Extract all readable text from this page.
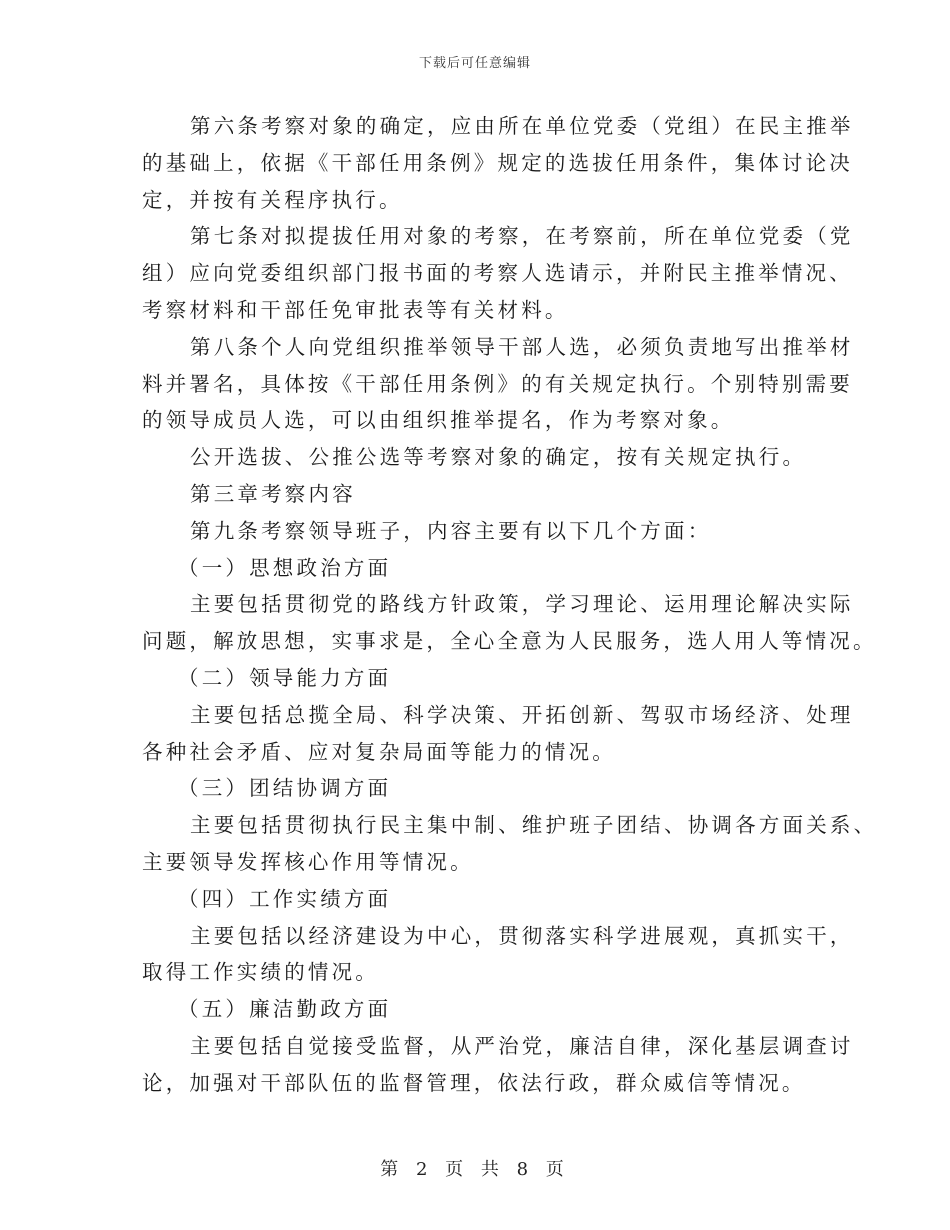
下载后可任意编辑

第六条考察对象的确定，应由所在单位党委（党组）在民主推举

的基础上，依据《干部任用条例》规定的选拔任用条件，集体讨论决

定，并按有关程序执行。

第七条对拟提拔任用对象的考察，在考察前，所在单位党委（党

组）应向党委组织部门报书面的考察人选请示，并附民主推举情况、

考察材料和干部任免审批表等有关材料。

第八条个人向党组织推举领导干部人选，必须负责地写出推举材

料并署名，具体按《干部任用条例》的有关规定执行。个别特别需要

的领导成员人选，可以由组织推举提名，作为考察对象。

公开选拔、公推公选等考察对象的确定，按有关规定执行。

第三章考察内容

第九条考察领导班子，内容主要有以下几个方面：

（一）思想政治方面

主要包括贯彻党的路线方针政策，学习理论、运用理论解决实际

问题，解放思想，实事求是，全心全意为人民服务，选人用人等情况。

（二）领导能力方面

主要包括总揽全局、科学决策、开拓创新、驾驭市场经济、处理

各种社会矛盾、应对复杂局面等能力的情况。

（三）团结协调方面

主要包括贯彻执行民主集中制、维护班子团结、协调各方面关系、

主要领导发挥核心作用等情况。

（四）工作实绩方面

主要包括以经济建设为中心，贯彻落实科学进展观，真抓实干，

取得工作实绩的情况。

（五）廉洁勤政方面

主要包括自觉接受监督，从严治党，廉洁自律，深化基层调查讨

论，加强对干部队伍的监督管理，依法行政，群众威信等情况。

第 2 页 共 8 页
